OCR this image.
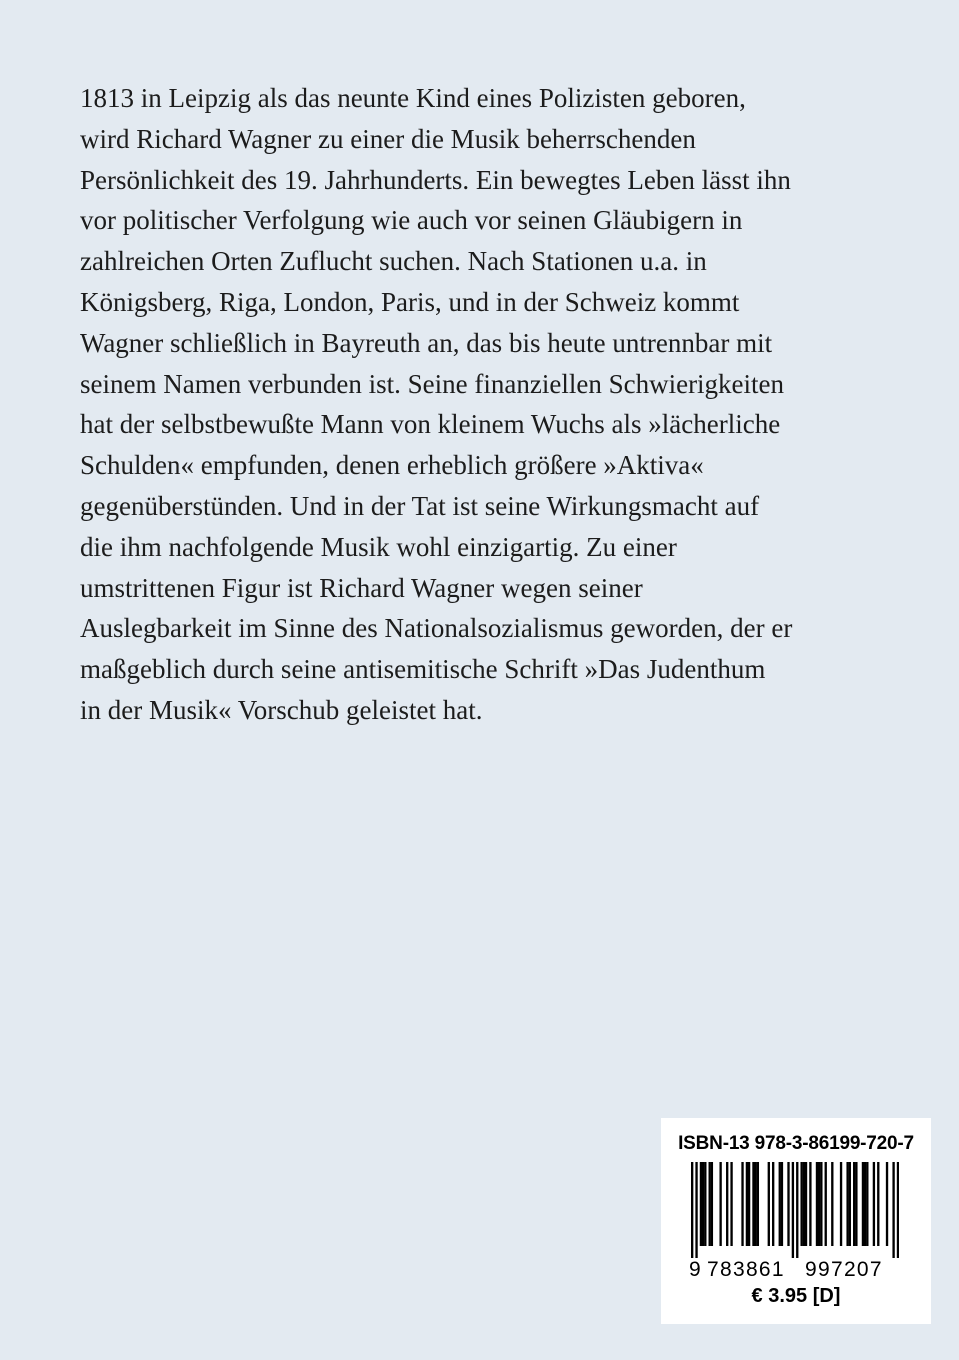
1813 in Leipzig als das neunte Kind eines Polizisten geboren,
wird Richard Wagner zu einer die Musik beherrschenden
Persönlichkeit des 19. Jahrhunderts. Ein bewegtes Leben lässt ihn
vor politischer Verfolgung wie auch vor seinen Gläubigern in
zahlreichen Orten Zuflucht suchen. Nach Stationen u.a. in
Königsberg, Riga, London, Paris, und in der Schweiz kommt
Wagner schließlich in Bayreuth an, das bis heute untrennbar mit
seinem Namen verbunden ist. Seine finanziellen Schwierigkeiten
hat der selbstbewußte Mann von kleinem Wuchs als »lächerliche
Schulden« empfunden, denen erheblich größere »Aktiva«
gegenüberstünden. Und in der Tat ist seine Wirkungsmacht auf
die ihm nachfolgende Musik wohl einzigartig. Zu einer
umstrittenen Figur ist Richard Wagner wegen seiner
Auslegbarkeit im Sinne des Nationalsozialismus geworden, der er
maßgeblich durch seine antisemitische Schrift »Das Judenthum
in der Musik« Vorschub geleistet hat.
ISBN-13 978-3-86199-720-7
9 783861 997207
€ 3.95 [D]
